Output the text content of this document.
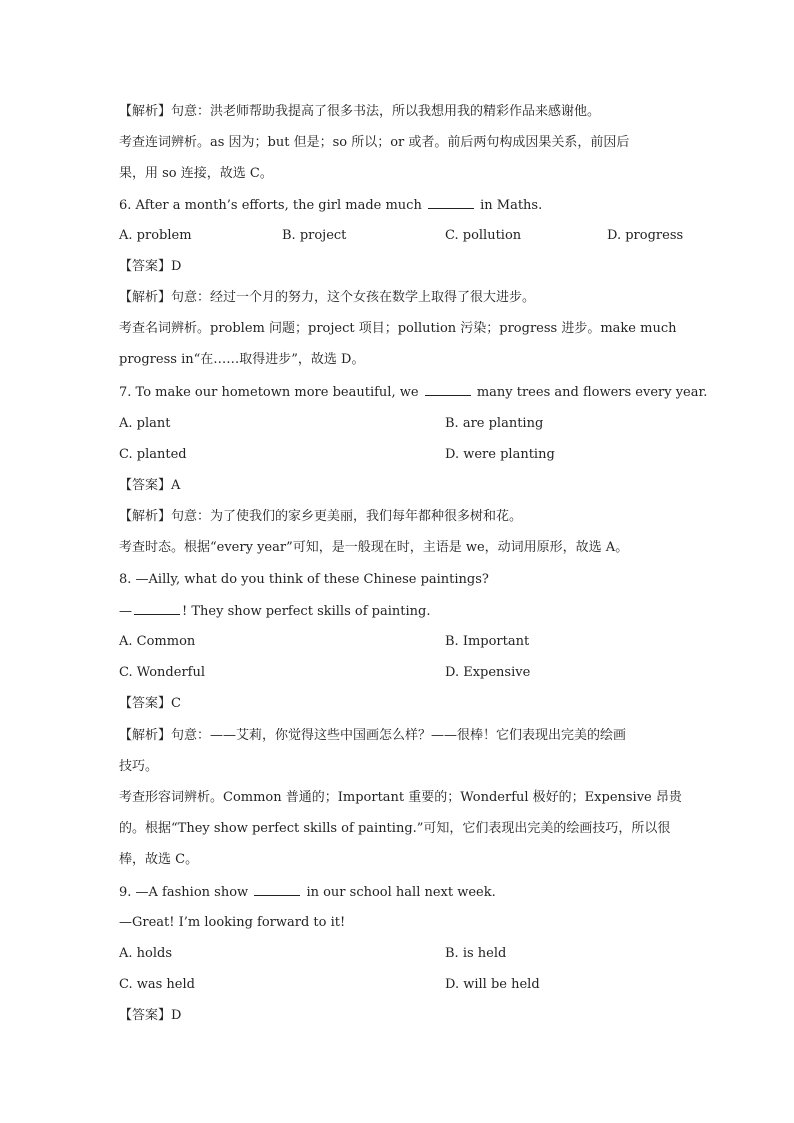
【解析】句意：洪老师帮助我提高了很多书法，所以我想用我的精彩作品来感谢他。
考查连词辨析。as 因为；but 但是；so 所以；or 或者。前后两句构成因果关系，前因后
果，用 so 连接，故选 C。
6. After a month’s efforts, the girl made much	in Maths.
A. problem	B. project	C. pollution	D. progress
【答案】D
【解析】句意：经过一个月的努力，这个女孩在数学上取得了很大进步。
考查名词辨析。problem 问题；project 项目；pollution 污染；progress 进步。make much
progress in“在……取得进步”，故选 D。
7. To make our hometown more beautiful, we	many trees and flowers every year.
A. plant	B. are planting
C. planted	D. were planting
【答案】A
【解析】句意：为了使我们的家乡更美丽，我们每年都种很多树和花。
考查时态。根据“every year”可知，是一般现在时，主语是 we，动词用原形，故选 A。
8. —Ailly, what do you think of these Chinese paintings?
—	! They show perfect skills of painting.
A. Common	B. Important
C. Wonderful	D. Expensive
【答案】C
【解析】句意：——艾莉，你觉得这些中国画怎么样？——很棒！它们表现出完美的绘画
技巧。
考查形容词辨析。Common 普通的；Important 重要的；Wonderful 极好的；Expensive 昂贵
的。根据“They show perfect skills of painting.”可知，它们表现出完美的绘画技巧，所以很
棒，故选 C。
9. —A fashion show	in our school hall next week.
—Great! I’m looking forward to it!
A. holds	B. is held
C. was held	D. will be held
【答案】D
